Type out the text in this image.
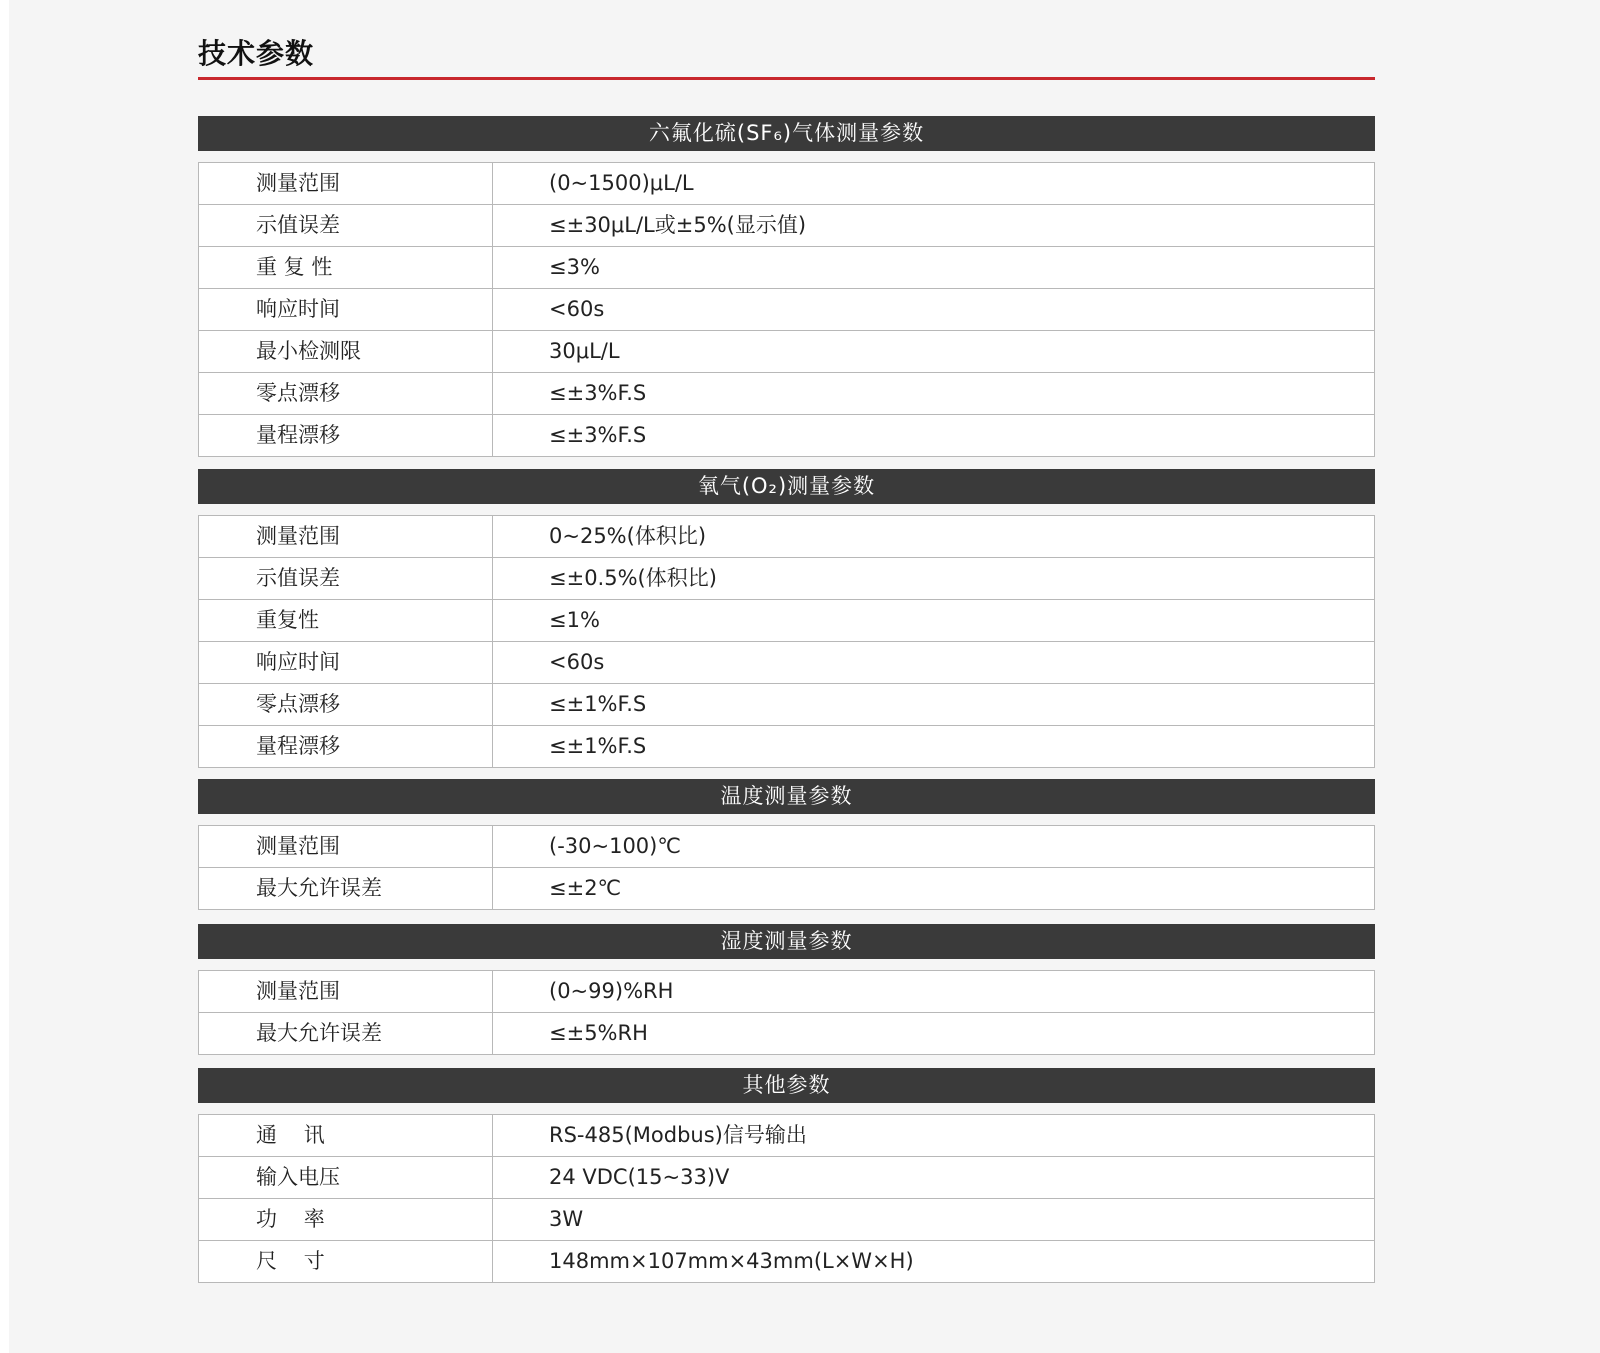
技术参数
六氟化硫(SF₆)气体测量参数
测量范围	(0~1500)μL/L
示值误差	≤±30μL/L或±5%(显示值)
重 复 性	≤3%
响应时间	<60s
最小检测限	30μL/L
零点漂移	≤±3%F.S
量程漂移	≤±3%F.S
氧气(O₂)测量参数
测量范围	0~25%(体积比)
示值误差	≤±0.5%(体积比)
重复性	≤1%
响应时间	<60s
零点漂移	≤±1%F.S
量程漂移	≤±1%F.S
温度测量参数
测量范围	(-30~100)℃
最大允许误差	≤±2℃
湿度测量参数
测量范围	(0~99)%RH
最大允许误差	≤±5%RH
其他参数
通    讯	RS-485(Modbus)信号输出
输入电压	24 VDC(15~33)V
功    率	3W
尺    寸	148mm×107mm×43mm(L×W×H)
